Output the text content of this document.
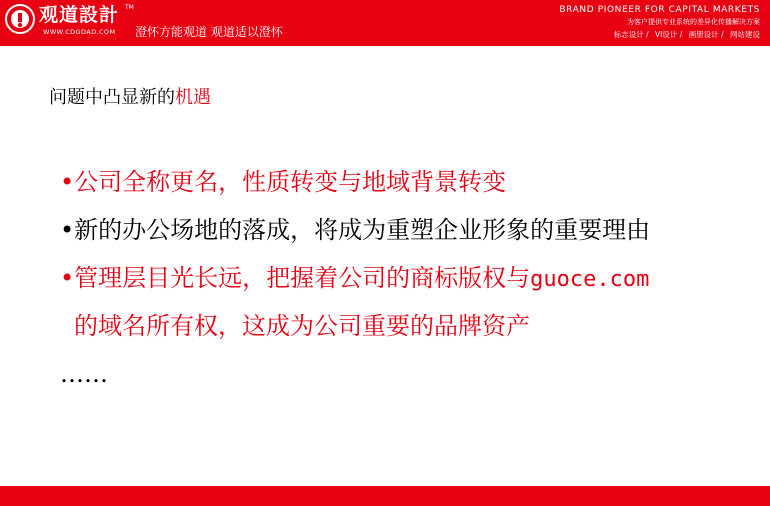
观道設計 TM
WWW.CDGDAD.COM 澄怀方能观道 观道适以澄怀
BRAND PIONEER FOR CAPITAL MARKETS
为客户提供专业系统的差异化传播解决方案
标志设计 / VI设计 / 画册设计 / 网站建设
问题中凸显新的机遇
•公司全称更名，性质转变与地域背景转变
•新的办公场地的落成，将成为重塑企业形象的重要理由
•管理层目光长远，把握着公司的商标版权与guoce.com
的域名所有权，这成为公司重要的品牌资产
……
